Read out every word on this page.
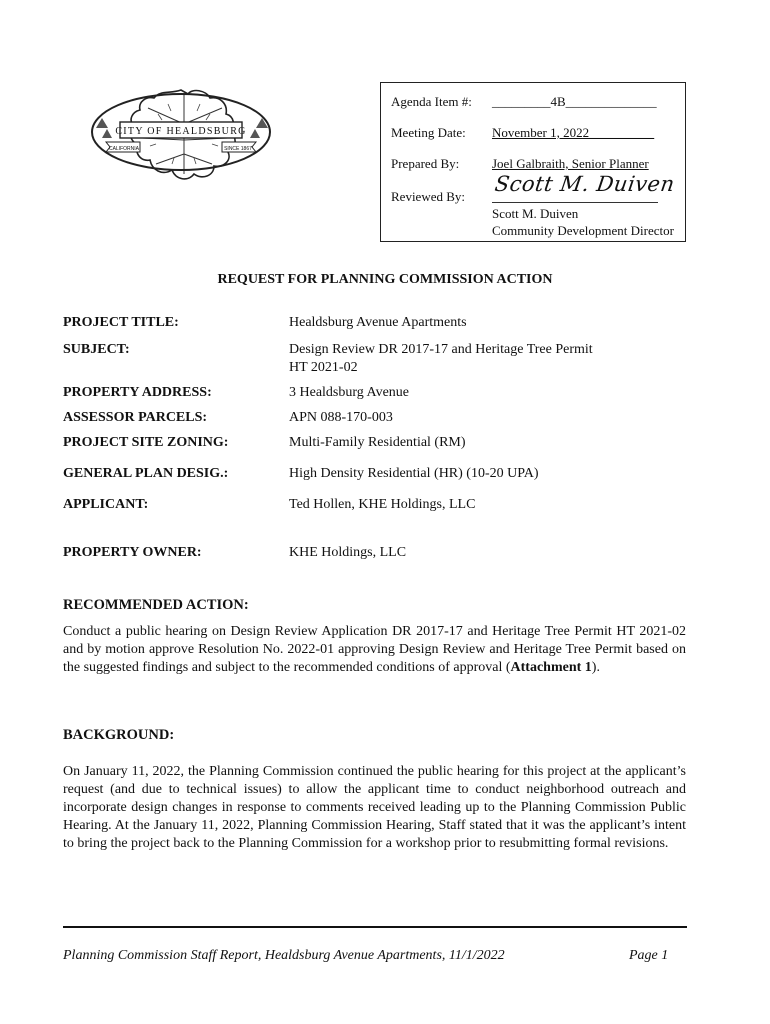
CITY OF HEALDSBURG
CALIFORNIA	SINCE 1867
Agenda Item #: _________4B______________
Meeting Date: November 1, 2022__________
Prepared By:	Joel Galbraith, Senior Planner
Reviewed By:
Scott M. Duiven
Scott M. Duiven
Community Development Director
REQUEST FOR PLANNING COMMISSION ACTION
PROJECT TITLE:	Healdsburg Avenue Apartments
SUBJECT:	Design Review DR 2017-17 and Heritage Tree Permit
HT 2021-02
PROPERTY ADDRESS:	3 Healdsburg Avenue
ASSESSOR PARCELS:	APN 088-170-003
PROJECT SITE ZONING:	Multi-Family Residential (RM)
GENERAL PLAN DESIG.:	High Density Residential (HR) (10-20 UPA)
APPLICANT:	Ted Hollen, KHE Holdings, LLC
PROPERTY OWNER:	KHE Holdings, LLC
RECOMMENDED ACTION:
Conduct a public hearing on Design Review Application DR 2017-17 and Heritage Tree Permit HT 2021-02 and by motion approve Resolution No. 2022-01 approving Design Review and Heritage Tree Permit based on the suggested findings and subject to the recommended conditions of approval (Attachment 1).
BACKGROUND:
On January 11, 2022, the Planning Commission continued the public hearing for this project at the applicant’s request (and due to technical issues) to allow the applicant time to conduct neighborhood outreach and incorporate design changes in response to comments received leading up to the Planning Commission Public Hearing. At the January 11, 2022, Planning Commission Hearing, Staff stated that it was the applicant’s intent to bring the project back to the Planning Commission for a workshop prior to resubmitting formal revisions.
Planning Commission Staff Report, Healdsburg Avenue Apartments, 11/1/2022	Page 1
